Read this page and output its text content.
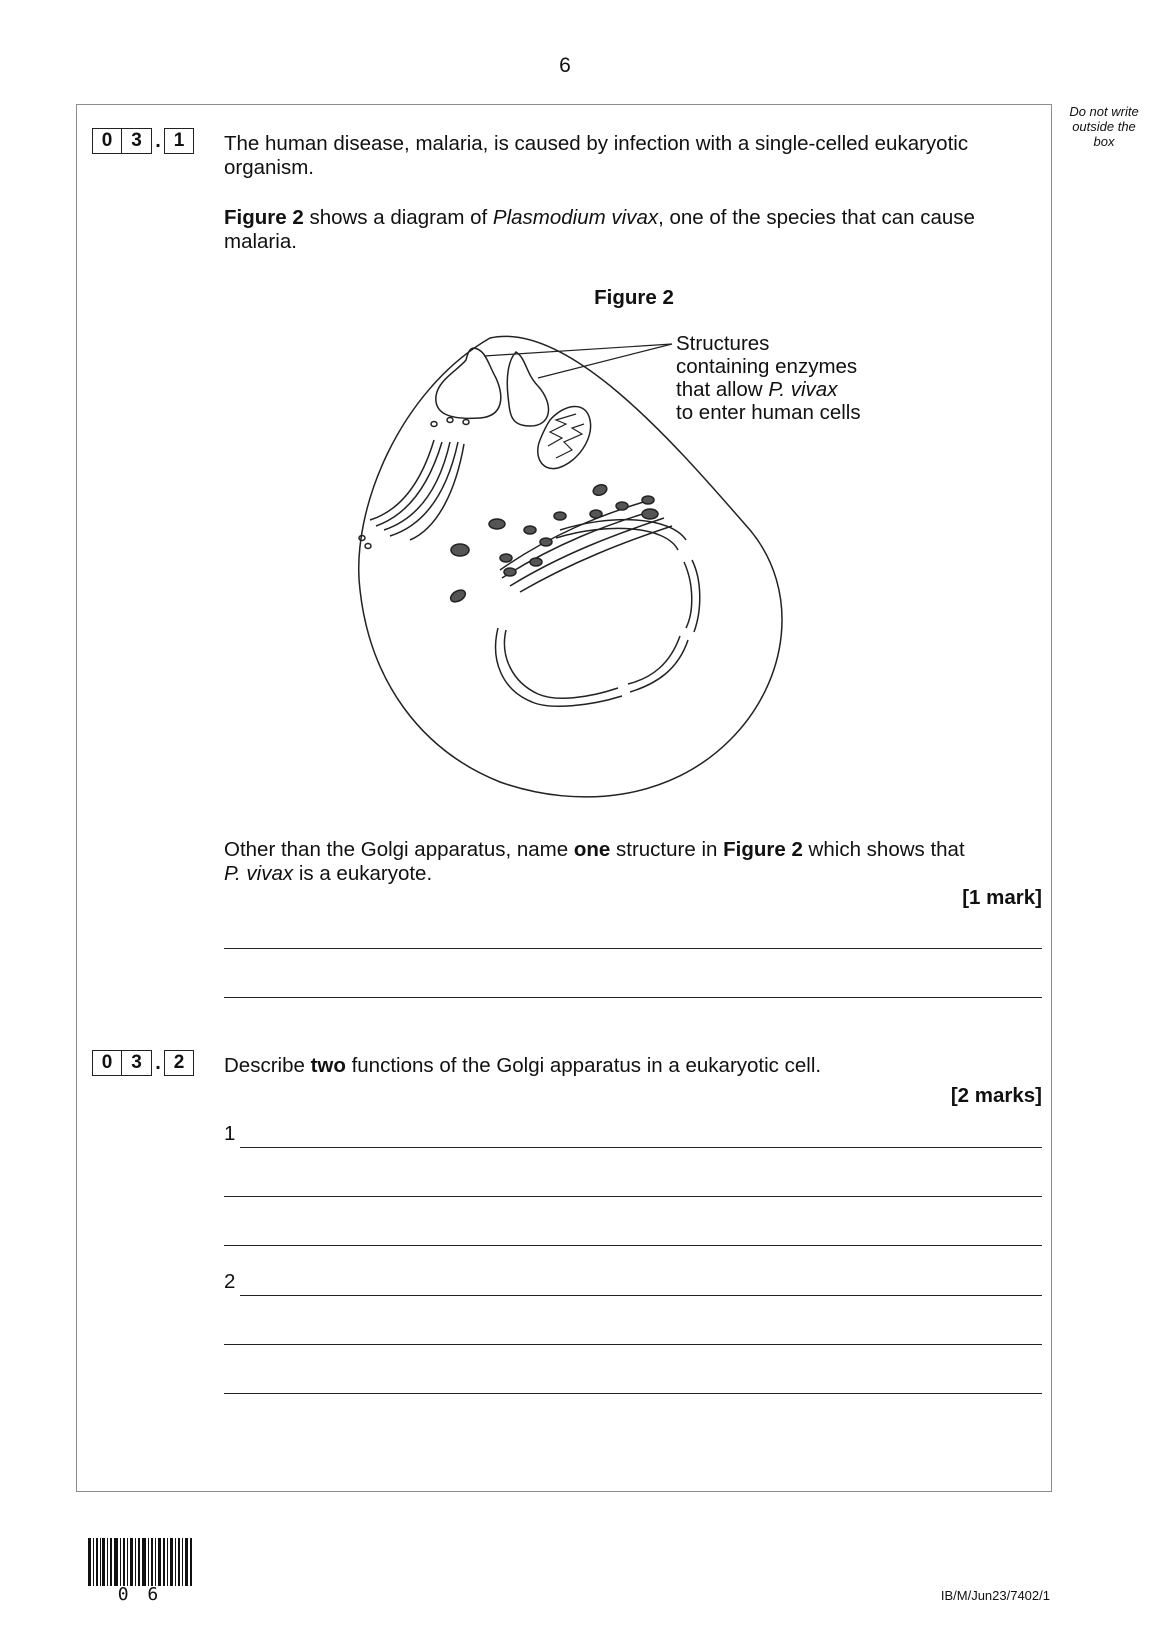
6
Do not write outside the box
0 3 . 1	The human disease, malaria, is caused by infection with a single-celled eukaryotic organism.
Figure 2 shows a diagram of Plasmodium vivax, one of the species that can cause malaria.
Figure 2
Structures
containing enzymes
that allow P. vivax
to enter human cells
Other than the Golgi apparatus, name one structure in Figure 2 which shows that
P. vivax is a eukaryote.
[1 mark]
0 3 . 2	Describe two functions of the Golgi apparatus in a eukaryotic cell.
[2 marks]
1
2
0 6	IB/M/Jun23/7402/1
